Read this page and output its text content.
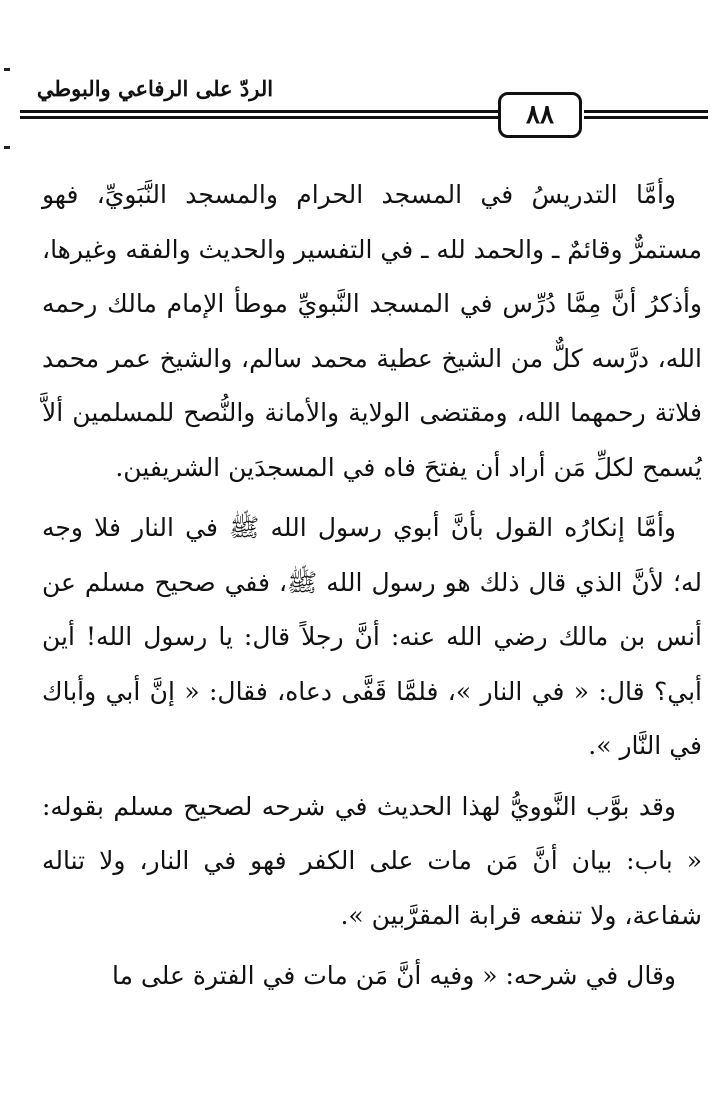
الردّ على الرفاعي والبوطي
٨٨

وأمَّا التدريسُ في المسجد الحرام والمسجد النَّبَويِّ، فهو مستمرٌّ وقائمٌ ـ والحمد لله ـ في التفسير والحديث والفقه وغيرها، وأذكرُ أنَّ مِمَّا دُرِّس في المسجد النَّبويِّ موطأ الإمام مالك رحمه الله، درَّسه كلٌّ من الشيخ عطية محمد سالم، والشيخ عمر محمد فلاتة رحمهما الله، ومقتضى الولاية والأمانة والنُّصح للمسلمين ألاَّ يُسمح لكلِّ مَن أراد أن يفتحَ فاه في المسجدَين الشريفين.

وأمَّا إنكارُه القول بأنَّ أبوي رسول الله ﷺ في النار فلا وجه له؛ لأنَّ الذي قال ذلك هو رسول الله ﷺ، ففي صحيح مسلم عن أنس بن مالك رضي الله عنه: أنَّ رجلاً قال: يا رسول الله! أين أبي؟ قال: « في النار »، فلمَّا قَفَّى دعاه، فقال: « إنَّ أبي وأباك في النَّار ».

وقد بوَّب النَّوويُّ لهذا الحديث في شرحه لصحيح مسلم بقوله: « باب: بيان أنَّ مَن مات على الكفر فهو في النار، ولا تناله شفاعة، ولا تنفعه قرابة المقرَّبين ».

وقال في شرحه: « وفيه أنَّ مَن مات في الفترة على ما
